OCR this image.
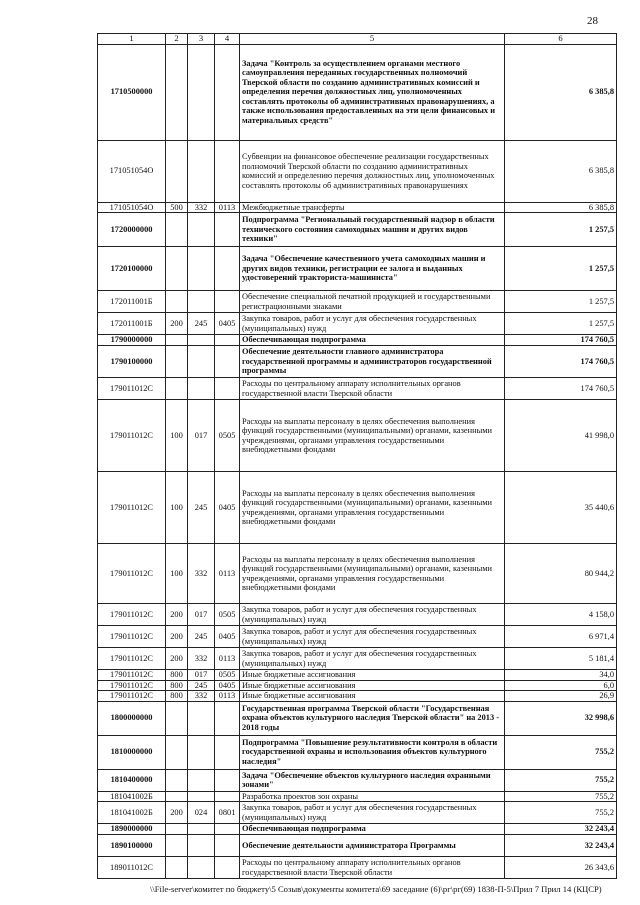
28
1	2	3	4	5	6
1710500000				Задача "Контроль за осуществлением органами местного самоуправления переданных государственных полномочий Тверской области по созданию административных комиссий и определения перечня должностных лиц, уполномоченных составлять протоколы об административных правонарушениях, а также использования предоставленных на эти цели финансовых и материальных средств"	6 385,8
171051054О				Субвенции на финансовое обеспечение реализации государственных полномочий Тверской области по созданию административных комиссий и определению перечня должностных лиц, уполномоченных составлять протоколы об административных правонарушениях	6 385,8
171051054О	500	332	0113	Межбюджетные трансферты	6 385,8
1720000000				Подпрограмма "Региональный государственный надзор в области технического состояния самоходных машин и других видов техники"	1 257,5
1720100000				Задача "Обеспечение качественного учета самоходных машин и других видов техники, регистрации ее залога и выданных удостоверений тракториста-машиниста"	1 257,5
172011001Б				Обеспечение специальной печатной продукцией и государственными регистрационными знаками	1 257,5
172011001Б	200	245	0405	Закупка товаров, работ и услуг для обеспечения государственных (муниципальных) нужд	1 257,5
1790000000				Обеспечивающая подпрограмма	174 760,5
1790100000				Обеспечение деятельности главного администратора государственной программы и администраторов государственной программы	174 760,5
179011012С				Расходы по центральному аппарату исполнительных органов государственной власти Тверской области	174 760,5
179011012С	100	017	0505	Расходы на выплаты персоналу в целях обеспечения выполнения функций государственными (муниципальными) органами, казенными учреждениями, органами управления государственными внебюджетными фондами	41 998,0
179011012С	100	245	0405	Расходы на выплаты персоналу в целях обеспечения выполнения функций государственными (муниципальными) органами, казенными учреждениями, органами управления государственными внебюджетными фондами	35 440,6
179011012С	100	332	0113	Расходы на выплаты персоналу в целях обеспечения выполнения функций государственными (муниципальными) органами, казенными учреждениями, органами управления государственными внебюджетными фондами	80 944,2
179011012С	200	017	0505	Закупка товаров, работ и услуг для обеспечения государственных (муниципальных) нужд	4 158,0
179011012С	200	245	0405	Закупка товаров, работ и услуг для обеспечения государственных (муниципальных) нужд	6 971,4
179011012С	200	332	0113	Закупка товаров, работ и услуг для обеспечения государственных (муниципальных) нужд	5 181,4
179011012С	800	017	0505	Иные бюджетные ассигнования	34,0
179011012С	800	245	0405	Иные бюджетные ассигнования	6,0
179011012С	800	332	0113	Иные бюджетные ассигнования	26,9
1800000000				Государственная программа Тверской области "Государственная охрана объектов культурного наследия Тверской области" на 2013 - 2018 годы	32 998,6
1810000000				Подпрограмма "Повышение результативности контроля в области государственной охраны и использования объектов культурного наследия"	755,2
1810400000				Задача "Обеспечение объектов культурного наследия охранными зонами"	755,2
181041002Б				Разработка проектов зон охраны	755,2
181041002Б	200	024	0801	Закупка товаров, работ и услуг для обеспечения государственных (муниципальных) нужд	755,2
1890000000				Обеспечивающая подпрограмма	32 243,4
1890100000				Обеспечение деятельности администратора Программы	32 243,4
189011012С				Расходы по центральному аппарату исполнительных органов государственной власти Тверской области	26 343,6
\\File-server\комитет по бюджету\5 Созыв\документы комитета\69 заседание (6)\рг\рг(69) 1838-П-5\Прил 7 Прил 14 (КЦСР)
